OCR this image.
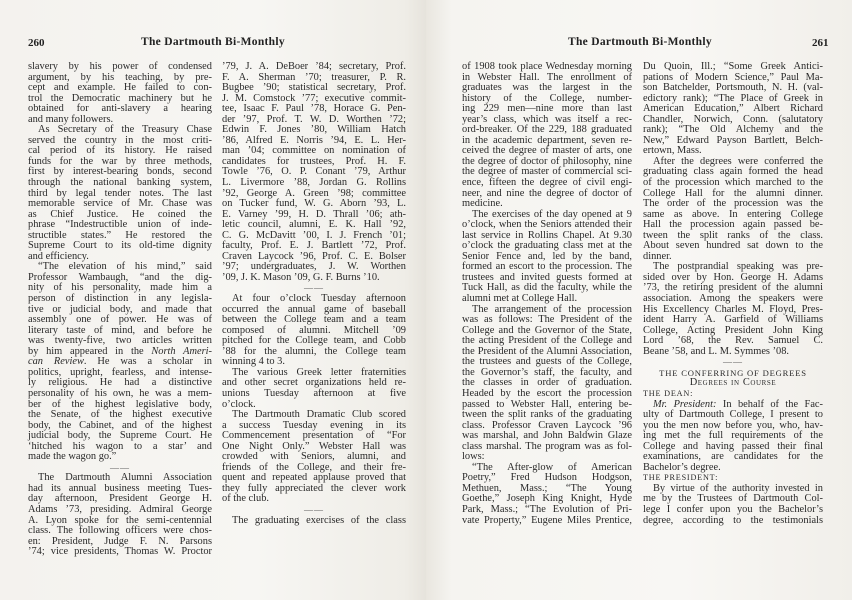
260	The Dartmouth Bi-Monthly
slavery by his power of condensed
argument, by his teaching, by pre-
cept and example. He failed to con-
trol the Democratic machinery but he
obtained for anti-slavery a hearing
and many followers.
As Secretary of the Treasury Chase
served the country in the most criti-
cal period of its history. He raised
funds for the war by three methods,
first by interest-bearing bonds, second
through the national banking system,
third by legal tender notes. The last
memorable service of Mr. Chase was
as Chief Justice. He coined the
phrase “Indestructible union of inde-
structible states.” He restored the
Supreme Court to its old-time dignity
and efficiency.
“The elevation of his mind,” said
Professor Wambaugh, “and the dig-
nity of his personality, made him a
person of distinction in any legisla-
tive or judicial body, and made that
assembly one of power. He was of
literary taste of mind, and before he
was twenty-five, two articles written
by him appeared in the North Ameri-
can Review. He was a scholar in
politics, upright, fearless, and intense-
ly religious. He had a distinctive
personality of his own, he was a mem-
ber of the highest legislative body,
the Senate, of the highest executive
body, the Cabinet, and of the highest
judicial body, the Supreme Court. He
‘hitched his wagon to a star’ and
made the wagon go.”
——
The Dartmouth Alumni Association
had its annual business meeting Tues-
day afternoon, President George H.
Adams ’73, presiding. Admiral George
A. Lyon spoke for the semi-centennial
class. The following officers were chos-
en: President, Judge F. N. Parsons
’74; vice presidents, Thomas W. Proctor
’79, J. A. DeBoer ’84; secretary, Prof.
F. A. Sherman ’70; treasurer, P. R.
Bugbee ’90; statistical secretary, Prof.
J. M. Comstock ’77; executive commit-
tee, Isaac F. Paul ’78, Horace G. Pen-
der ’97, Prof. T. W. D. Worthen ’72;
Edwin F. Jones ’80, William Hatch
’86, Alfred E. Norris ’94, E. L. Her-
man ’04; committee on nomination of
candidates for trustees, Prof. H. F.
Towle ’76, O. P. Conant ’79, Arthur
L. Livermore ’88, Jordan G. Rollins
’92, George A. Green ’98; committee
on Tucker fund, W. G. Aborn ’93, L.
E. Varney ’99, H. D. Thrall ’06; ath-
letic council, alumni, E. K. Hall ’92,
C. G. McDavitt ’00, I. J. French ’01;
faculty, Prof. E. J. Bartlett ’72, Prof.
Craven Laycock ’96, Prof. C. E. Bolser
’97; undergraduates, J. W. Worthen
’09, J. K. Mason ’09, G. F. Burns ’10.
——
At four o’clock Tuesday afternoon
occurred the annual game of baseball
between the College team and a team
composed of alumni. Mitchell ’09
pitched for the College team, and Cobb
’88 for the alumni, the College team
winning 4 to 3.
The various Greek letter fraternities
and other secret organizations held re-
unions Tuesday afternoon at five
o’clock.
The Dartmouth Dramatic Club scored
a success Tuesday evening in its
Commencement presentation of “For
One Night Only.” Webster Hall was
crowded with Seniors, alumni, and
friends of the College, and their fre-
quent and repeated applause proved that
they fully appreciated the clever work
of the club.
——
The graduating exercises of the class
The Dartmouth Bi-Monthly	261
of 1908 took place Wednesday morning
in Webster Hall. The enrollment of
graduates was the largest in the
history of the College, number-
ing 229 men—nine more than last
year’s class, which was itself a rec-
ord-breaker. Of the 229, 188 graduated
in the academic department, seven re-
ceived the degree of master of arts, one
the degree of doctor of philosophy, nine
the degree of master of commercial sci-
ence, fifteen the degree of civil engi-
neer, and nine the degree of doctor of
medicine.
The exercises of the day opened at 9
o’clock, when the Seniors attended their
last service in Rollins Chapel. At 9.30
o’clock the graduating class met at the
Senior Fence and, led by the band,
formed an escort to the procession. The
trustees and invited guests formed at
Tuck Hall, as did the faculty, while the
alumni met at College Hall.
The arrangement of the procession
was as follows: The President of the
College and the Governor of the State,
the acting President of the College and
the President of the Alumni Association,
the trustees and guests of the College,
the Governor’s staff, the faculty, and
the classes in order of graduation.
Headed by the escort the procession
passed to Webster Hall, entering be-
tween the split ranks of the graduating
class. Professor Craven Laycock ’96
was marshal, and John Baldwin Glaze
class marshal. The program was as fol-
lows:
“The After-glow of American
Poetry,” Fred Hudson Hodgson,
Methuen, Mass.; “The Young
Goethe,” Joseph King Knight, Hyde
Park, Mass.; “The Evolution of Pri-
vate Property,” Eugene Miles Prentice,
Du Quoin, Ill.; “Some Greek Antici-
pations of Modern Science,” Paul Ma-
son Batchelder, Portsmouth, N. H. (val-
edictory rank); “The Place of Greek in
American Education,” Albert Richard
Chandler, Norwich, Conn. (salutatory
rank); “The Old Alchemy and the
New,” Edward Payson Bartlett, Belch-
ertown, Mass.
After the degrees were conferred the
graduating class again formed the head
of the procession which marched to the
College Hall for the alumni dinner.
The order of the procession was the
same as above. In entering College
Hall the procession again passed be-
tween the split ranks of the class.
About seven hundred sat down to the
dinner.
The postprandial speaking was pre-
sided over by Hon. George H. Adams
’73, the retiring president of the alumni
association. Among the speakers were
His Excellency Charles M. Floyd, Pres-
ident Harry A. Garfield of Williams
College, Acting President John King
Lord ’68, the Rev. Samuel C.
Beane ’58, and L. M. Symmes ’08.
——
THE CONFERRING OF DEGREES
Degrees in Course
THE DEAN:
Mr. President: In behalf of the Fac-
ulty of Dartmouth College, I present to
you the men now before you, who, hav-
ing met the full requirements of the
College and having passed their final
examinations, are candidates for the
Bachelor’s degree.
THE PRESIDENT:
By virtue of the authority invested in
me by the Trustees of Dartmouth Col-
lege I confer upon you the Bachelor’s
degree, according to the testimonials
